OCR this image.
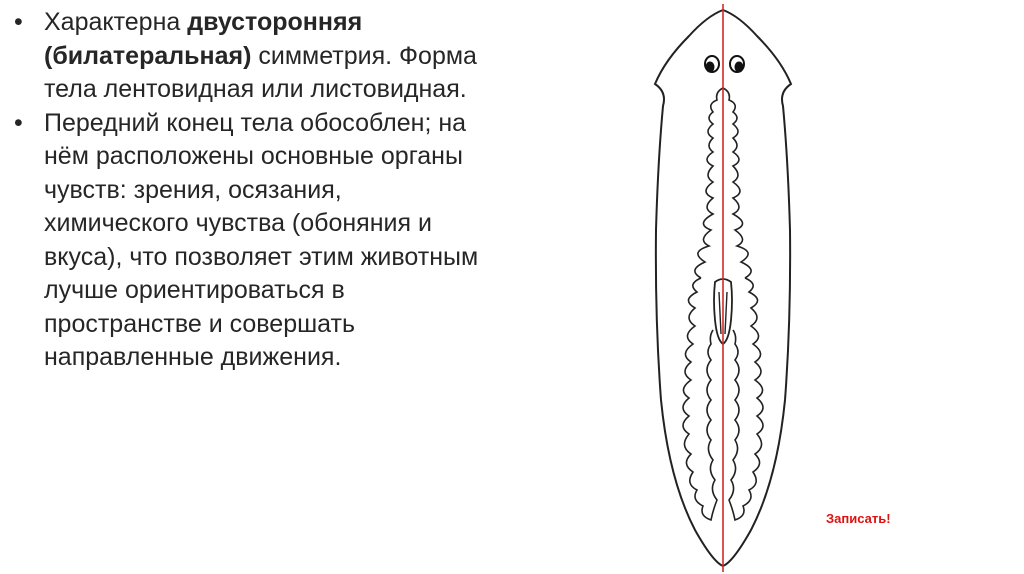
• Характерна двусторонняя (билатеральная) симметрия. Форма тела лентовидная или листовидная.
• Передний конец тела обособлен; на нём расположены основные органы чувств: зрения, осязания, химического чувства (обоняния и вкуса), что позволяет этим животным лучше ориентироваться в пространстве и совершать направленные движения.
Записать!
